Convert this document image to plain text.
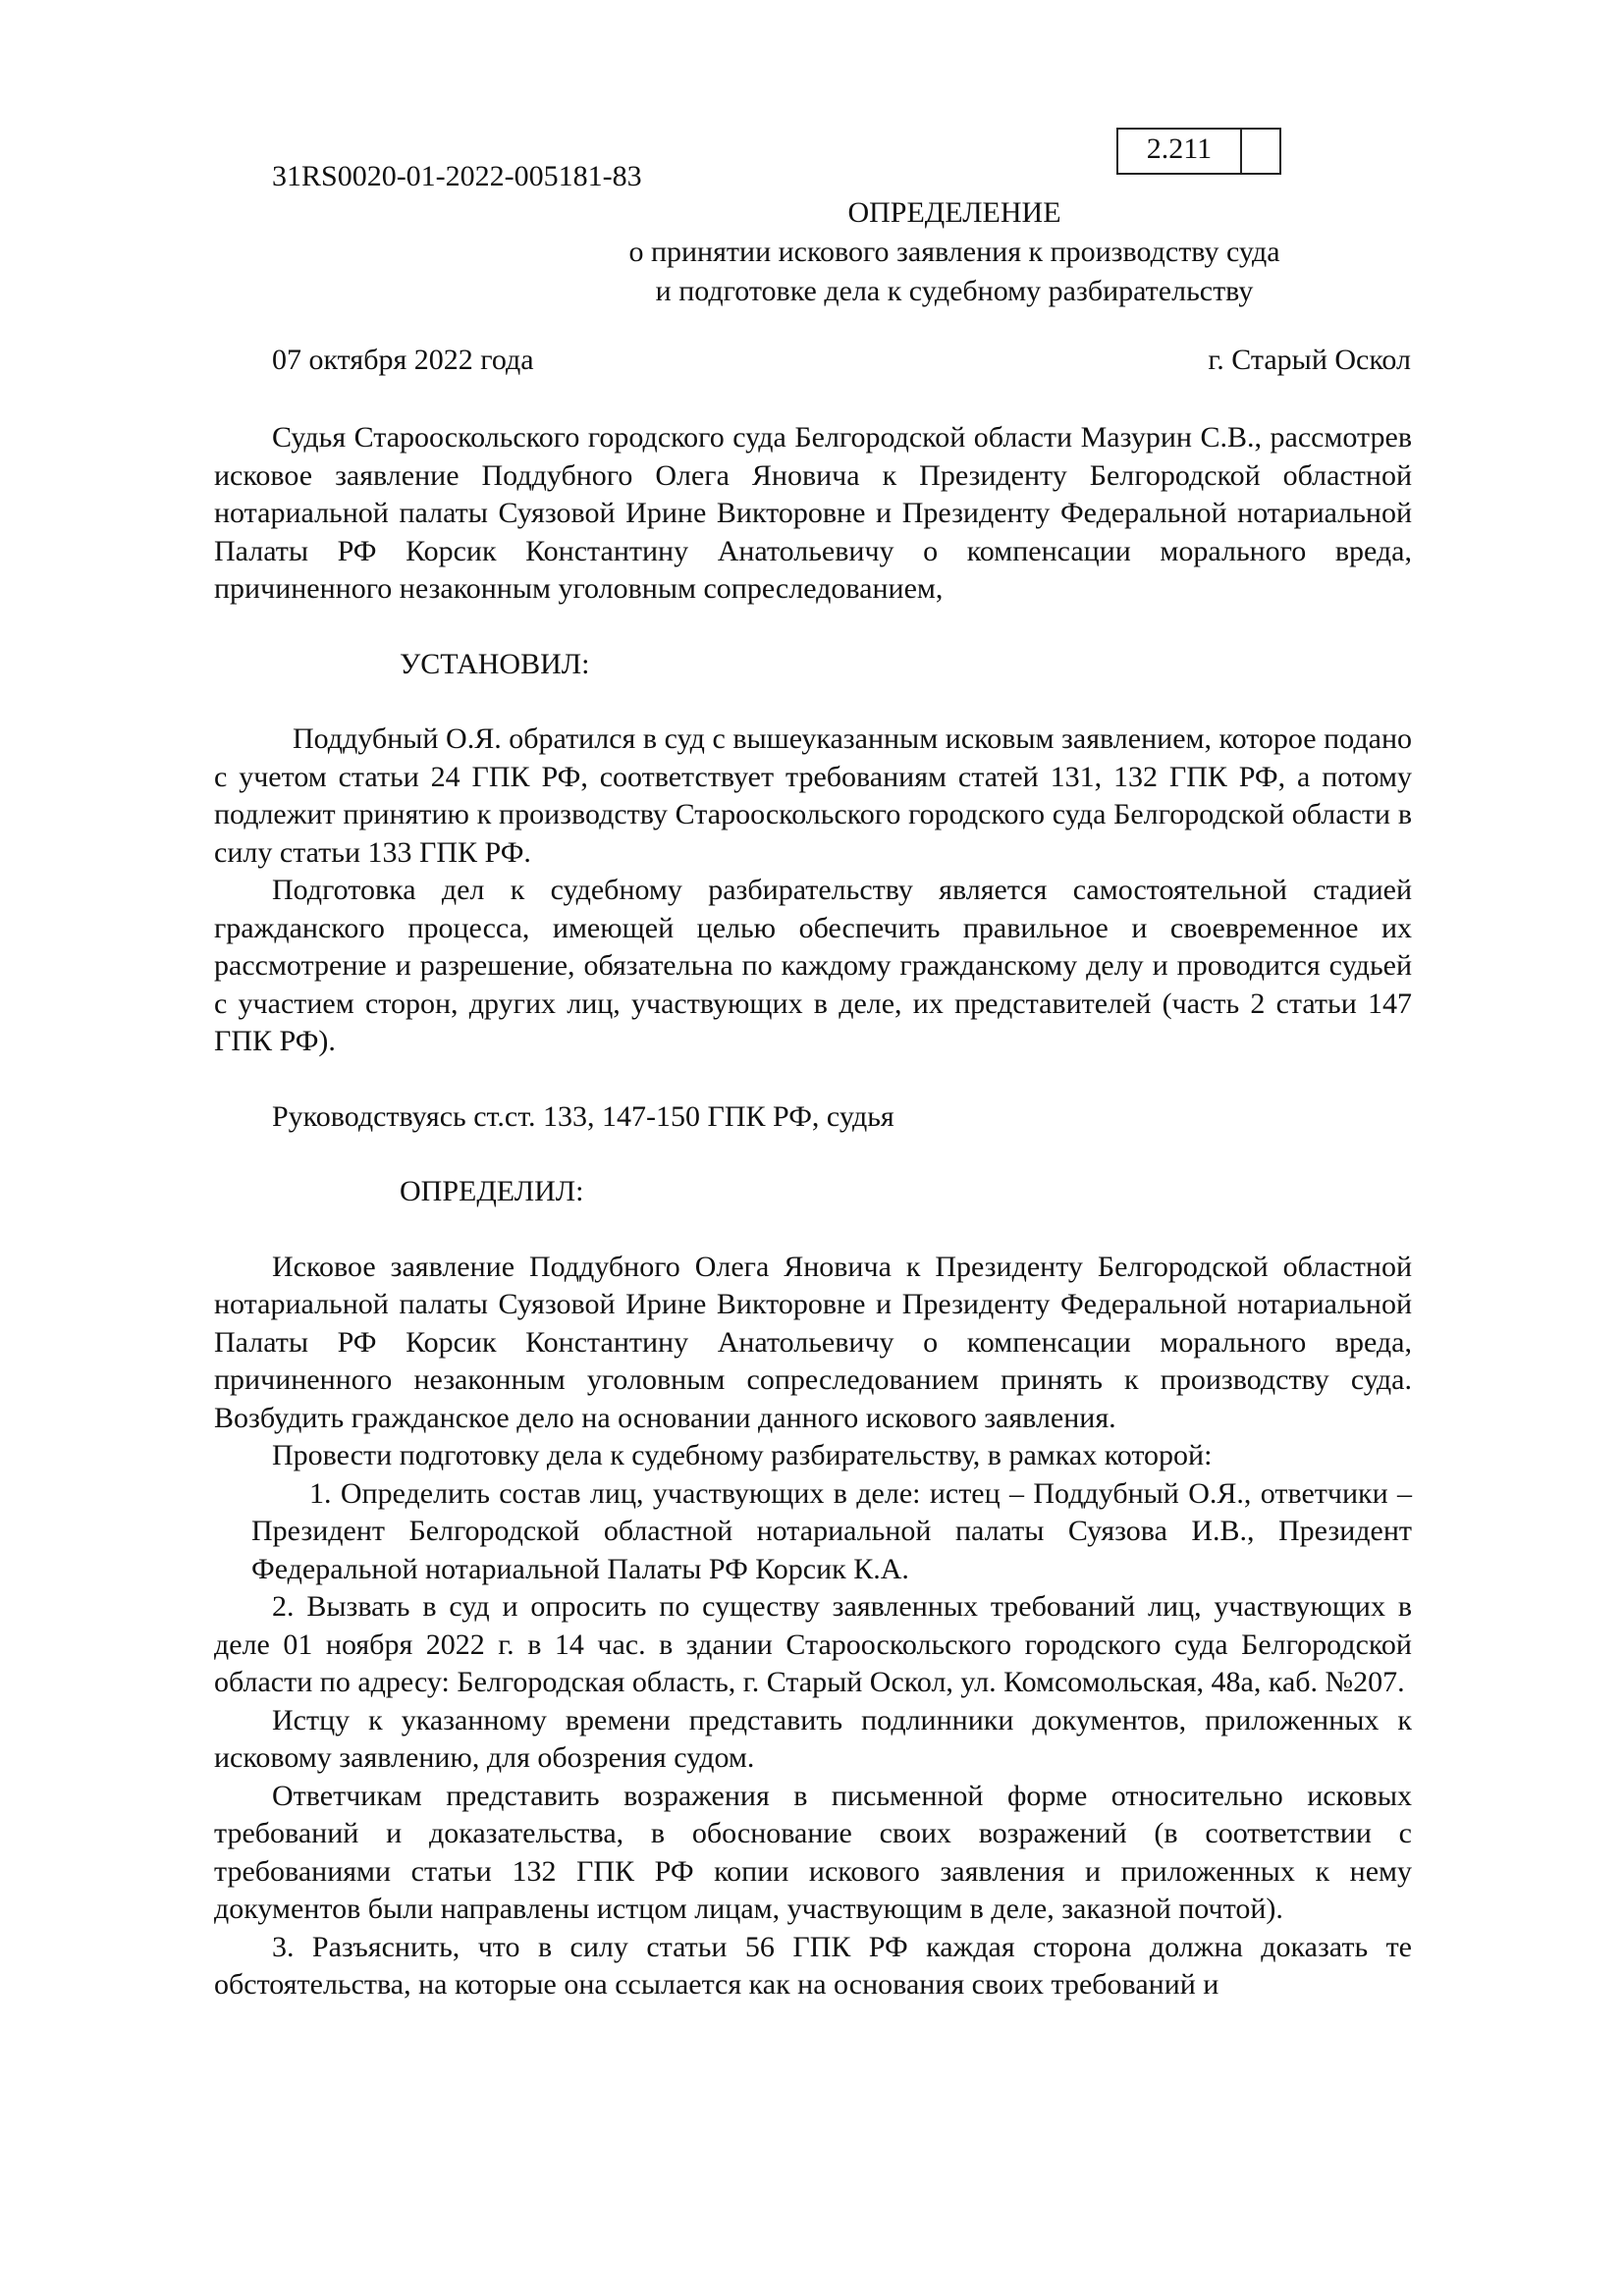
31RS0020-01-2022-005181-83
2.211
ОПРЕДЕЛЕНИЕ
о принятии искового заявления к производству суда
и подготовке дела к судебному разбирательству
07 октября 2022 года	г. Старый Оскол

Судья Старооскольского городского суда Белгородской области Мазурин С.В., рассмотрев исковое заявление Поддубного Олега Яновича к Президенту Белгородской областной нотариальной палаты Суязовой Ирине Викторовне и Президенту Федеральной нотариальной Палаты РФ Корсик Константину Анатольевичу о компенсации морального вреда, причиненного незаконным уголовным сопреследованием,

УСТАНОВИЛ:

Поддубный О.Я. обратился в суд с вышеуказанным исковым заявлением, которое подано с учетом статьи 24 ГПК РФ, соответствует требованиям статей 131, 132 ГПК РФ, а потому подлежит принятию к производству Старооскольского городского суда Белгородской области в силу статьи 133 ГПК РФ.

Подготовка дел к судебному разбирательству является самостоятельной стадией гражданского процесса, имеющей целью обеспечить правильное и своевременное их рассмотрение и разрешение, обязательна по каждому гражданскому делу и проводится судьей с участием сторон, других лиц, участвующих в деле, их представителей (часть 2 статьи 147 ГПК РФ).

Руководствуясь ст.ст. 133, 147-150 ГПК РФ, судья

ОПРЕДЕЛИЛ:

Исковое заявление Поддубного Олега Яновича к Президенту Белгородской областной нотариальной палаты Суязовой Ирине Викторовне и Президенту Федеральной нотариальной Палаты РФ Корсик Константину Анатольевичу о компенсации морального вреда, причиненного незаконным уголовным сопреследованием принять к производству суда. Возбудить гражданское дело на основании данного искового заявления.

Провести подготовку дела к судебному разбирательству, в рамках которой:

1. Определить состав лиц, участвующих в деле: истец – Поддубный О.Я., ответчики – Президент Белгородской областной нотариальной палаты Суязова И.В., Президент Федеральной нотариальной Палаты РФ Корсик К.А.

2. Вызвать в суд и опросить по существу заявленных требований лиц, участвующих в деле 01 ноября 2022 г. в 14 час. в здании Старооскольского городского суда Белгородской области по адресу: Белгородская область, г. Старый Оскол, ул. Комсомольская, 48а, каб. №207.

Истцу к указанному времени представить подлинники документов, приложенных к исковому заявлению, для обозрения судом.

Ответчикам представить возражения в письменной форме относительно исковых требований и доказательства, в обоснование своих возражений (в соответствии с требованиями статьи 132 ГПК РФ копии искового заявления и приложенных к нему документов были направлены истцом лицам, участвующим в деле, заказной почтой).

3. Разъяснить, что в силу статьи 56 ГПК РФ каждая сторона должна доказать те обстоятельства, на которые она ссылается как на основания своих требований и
